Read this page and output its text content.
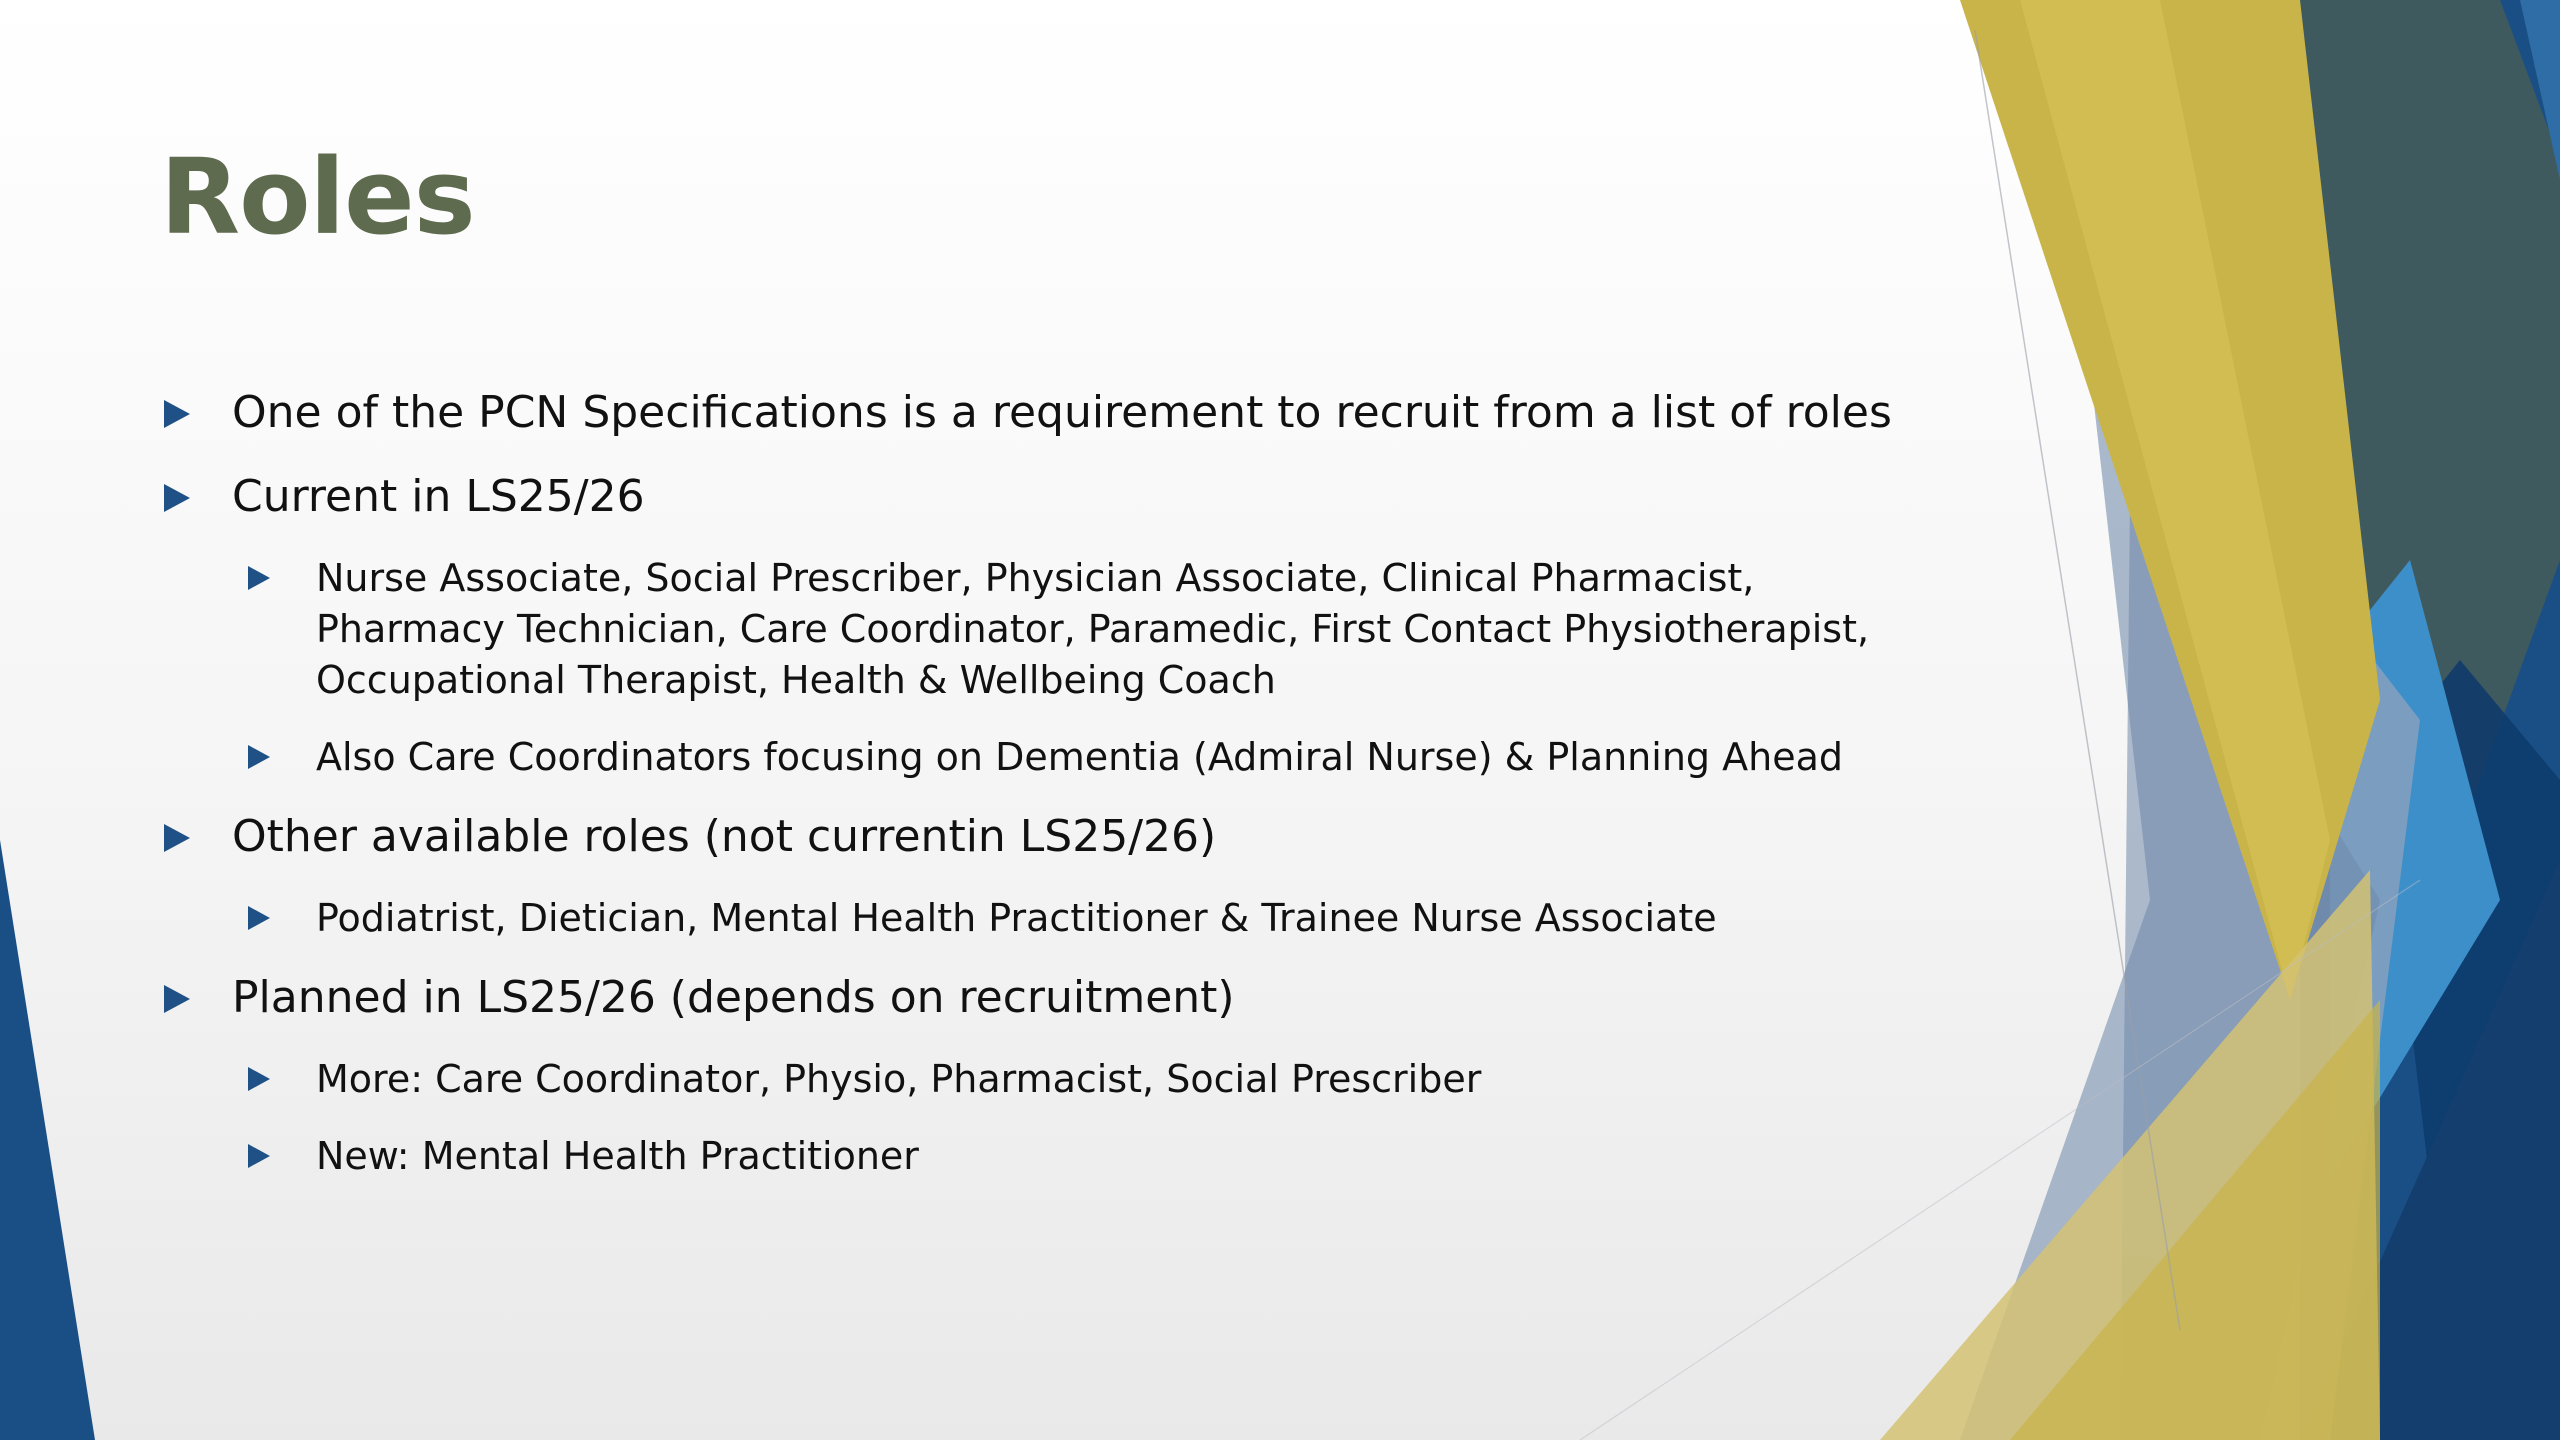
Roles
One of the PCN Specifications is a requirement to recruit from a list of roles
Current in LS25/26
Nurse Associate, Social Prescriber, Physician Associate, Clinical Pharmacist, Pharmacy Technician, Care Coordinator, Paramedic, First Contact Physiotherapist, Occupational Therapist, Health & Wellbeing Coach
Also Care Coordinators focusing on Dementia (Admiral Nurse) & Planning Ahead
Other available roles (not currentin LS25/26)
Podiatrist, Dietician, Mental Health Practitioner & Trainee Nurse Associate
Planned in LS25/26 (depends on recruitment)
More: Care Coordinator, Physio, Pharmacist, Social Prescriber
New: Mental Health Practitioner
